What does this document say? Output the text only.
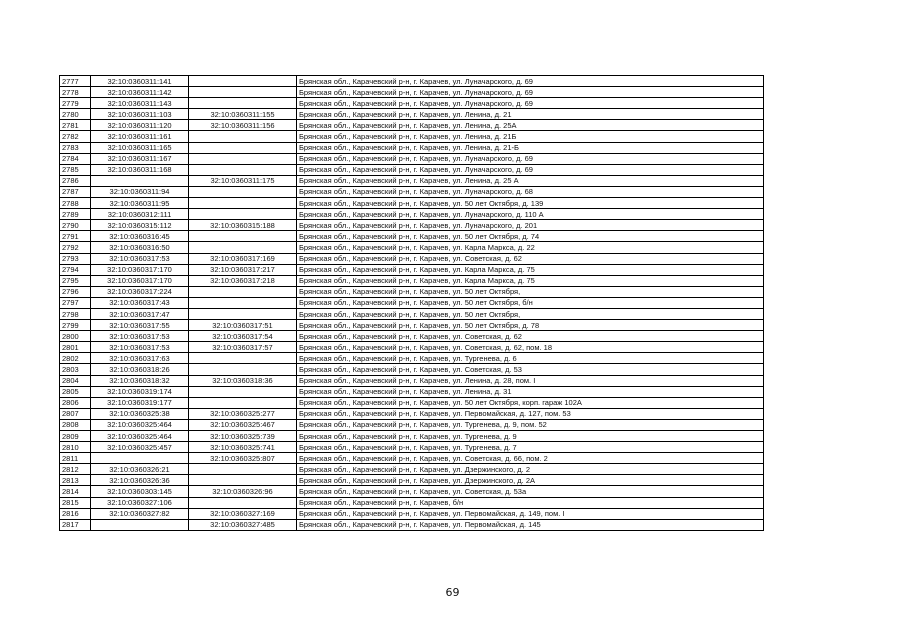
2777	32:10:0360311:141		Брянская обл., Карачевский р-н, г. Карачев, ул. Луначарского, д. 69
2778	32:10:0360311:142		Брянская обл., Карачевский р-н, г. Карачев, ул. Луначарского, д. 69
2779	32:10:0360311:143		Брянская обл., Карачевский р-н, г. Карачев, ул. Луначарского, д. 69
2780	32:10:0360311:103	32:10:0360311:155	Брянская обл., Карачевский р-н, г. Карачев, ул. Ленина, д. 21
2781	32:10:0360311:120	32:10:0360311:156	Брянская обл., Карачевский р-н, г. Карачев, ул. Ленина, д. 25А
2782	32:10:0360311:161		Брянская обл., Карачевский р-н, г. Карачев, ул. Ленина, д. 21Б
2783	32:10:0360311:165		Брянская обл., Карачевский р-н, г. Карачев, ул. Ленина, д. 21-Б
2784	32:10:0360311:167		Брянская обл., Карачевский р-н, г. Карачев, ул. Луначарского, д. 69
2785	32:10:0360311:168		Брянская обл., Карачевский р-н, г. Карачев, ул. Луначарского, д. 69
2786		32:10:0360311:175	Брянская обл., Карачевский р-н, г. Карачев, ул. Ленина, д. 25 А
2787	32:10:0360311:94		Брянская обл., Карачевский р-н, г. Карачев, ул. Луначарского, д. 68
2788	32:10:0360311:95		Брянская обл., Карачевский р-н, г. Карачев, ул. 50 лет Октября, д. 139
2789	32:10:0360312:111		Брянская обл., Карачевский р-н, г. Карачев, ул. Луначарского, д. 110 А
2790	32:10:0360315:112	32:10:0360315:188	Брянская обл., Карачевский р-н, г. Карачев, ул. Луначарского, д. 201
2791	32:10:0360316:45		Брянская обл., Карачевский р-н, г. Карачев, ул. 50 лет Октября, д. 74
2792	32:10:0360316:50		Брянская обл., Карачевский р-н, г. Карачев, ул. Карла Маркса, д. 22
2793	32:10:0360317:53	32:10:0360317:169	Брянская обл., Карачевский р-н, г. Карачев, ул. Советская, д. 62
2794	32:10:0360317:170	32:10:0360317:217	Брянская обл., Карачевский р-н, г. Карачев, ул. Карла Маркса, д. 75
2795	32:10:0360317:170	32:10:0360317:218	Брянская обл., Карачевский р-н, г. Карачев, ул. Карла Маркса, д. 75
2796	32:10:0360317:224		Брянская обл., Карачевский р-н, г. Карачев, ул. 50 лет Октября,
2797	32:10:0360317:43		Брянская обл., Карачевский р-н, г. Карачев, ул. 50 лет Октября, б/н
2798	32:10:0360317:47		Брянская обл., Карачевский р-н, г. Карачев, ул. 50 лет Октября,
2799	32:10:0360317:55	32:10:0360317:51	Брянская обл., Карачевский р-н, г. Карачев, ул. 50 лет Октября, д. 78
2800	32:10:0360317:53	32:10:0360317:54	Брянская обл., Карачевский р-н, г. Карачев, ул. Советская, д. 62
2801	32:10:0360317:53	32:10:0360317:57	Брянская обл., Карачевский р-н, г. Карачев, ул. Советская, д. 62, пом. 18
2802	32:10:0360317:63		Брянская обл., Карачевский р-н, г. Карачев, ул. Тургенева, д. 6
2803	32:10:0360318:26		Брянская обл., Карачевский р-н, г. Карачев, ул. Советская, д. 53
2804	32:10:0360318:32	32:10:0360318:36	Брянская обл., Карачевский р-н, г. Карачев, ул. Ленина, д. 28, пом. I
2805	32:10:0360319:174		Брянская обл., Карачевский р-н, г. Карачев, ул. Ленина, д. 31
2806	32:10:0360319:177		Брянская обл., Карачевский р-н, г. Карачев, ул. 50 лет Октября, корп. гараж 102А
2807	32:10:0360325:38	32:10:0360325:277	Брянская обл., Карачевский р-н, г. Карачев, ул. Первомайская, д. 127, пом. 53
2808	32:10:0360325:464	32:10:0360325:467	Брянская обл., Карачевский р-н, г. Карачев, ул. Тургенева, д. 9, пом. 52
2809	32:10:0360325:464	32:10:0360325:739	Брянская обл., Карачевский р-н, г. Карачев, ул. Тургенева, д. 9
2810	32:10:0360325:457	32:10:0360325:741	Брянская обл., Карачевский р-н, г. Карачев, ул. Тургенева, д. 7
2811		32:10:0360325:807	Брянская обл., Карачевский р-н, г. Карачев, ул. Советская, д. 66, пом. 2
2812	32:10:0360326:21		Брянская обл., Карачевский р-н, г. Карачев, ул. Дзержинского, д. 2
2813	32:10:0360326:36		Брянская обл., Карачевский р-н, г. Карачев, ул. Дзержинского, д. 2А
2814	32:10:0360303:145	32:10:0360326:96	Брянская обл., Карачевский р-н, г. Карачев, ул. Советская, д. 53а
2815	32:10:0360327:106		Брянская обл., Карачевский р-н, г. Карачев, б/н
2816	32:10:0360327:82	32:10:0360327:169	Брянская обл., Карачевский р-н, г. Карачев, ул. Первомайская, д. 149, пом. I
2817		32:10:0360327:485	Брянская обл., Карачевский р-н, г. Карачев, ул. Первомайская, д. 145
69
